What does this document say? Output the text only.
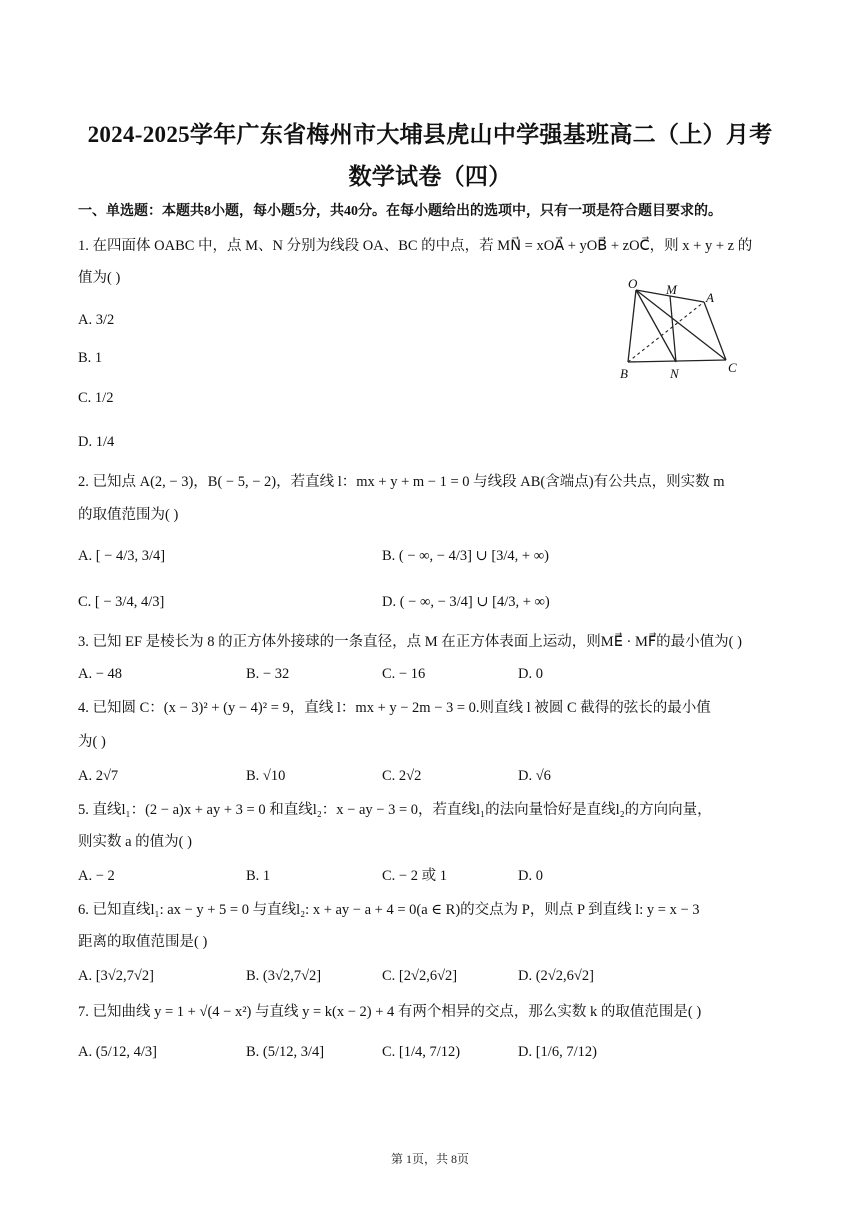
2024-2025学年广东省梅州市大埔县虎山中学强基班高二（上）月考
数学试卷（四）
一、单选题：本题共8小题，每小题5分，共40分。在每小题给出的选项中，只有一项是符合题目要求的。
1. 在四面体 OABC 中，点 M、N 分别为线段 OA、BC 的中点，若 MN⃗ = xOA⃗ + yOB⃗ + zOC⃗，则 x + y + z 的
值为( )
A. 3/2
B. 1
C. 1/2
D. 1/4
O M
A
B	N	C
2. 已知点 A(2, − 3)，B( − 5, − 2)，若直线 l：mx + y + m − 1 = 0 与线段 AB(含端点)有公共点，则实数 m
的取值范围为( )
A. [ − 4/3, 3/4]	B. ( − ∞, − 4/3] ∪ [3/4, + ∞)
C. [ − 3/4, 4/3]	D. ( − ∞, − 3/4] ∪ [4/3, + ∞)
3. 已知 EF 是棱长为 8 的正方体外接球的一条直径，点 M 在正方体表面上运动，则ME⃗ · MF⃗的最小值为( )
A. − 48	B. − 32	C. − 16	D. 0
4. 已知圆 C：(x − 3)² + (y − 4)² = 9，直线 l：mx + y − 2m − 3 = 0.则直线 l 被圆 C 截得的弦长的最小值
为( )
A. 2√7	B. √10	C. 2√2	D. √6
5. 直线l₁：(2 − a)x + ay + 3 = 0 和直线l₂：x − ay − 3 = 0，若直线l₁的法向量恰好是直线l₂的方向向量，
则实数 a 的值为( )
A. − 2	B. 1	C. − 2 或 1	D. 0
6. 已知直线l₁: ax − y + 5 = 0 与直线l₂: x + ay − a + 4 = 0(a ∈ R)的交点为 P，则点 P 到直线 l: y = x − 3
距离的取值范围是( )
A. [3√2,7√2]	B. (3√2,7√2]	C. [2√2,6√2]	D. (2√2,6√2]
7. 已知曲线 y = 1 + √(4 − x²) 与直线 y = k(x − 2) + 4 有两个相异的交点，那么实数 k 的取值范围是( )
A. (5/12, 4/3]	B. (5/12, 3/4]	C. [1/4, 7/12)	D. [1/6, 7/12)
第 1页，共 8页
